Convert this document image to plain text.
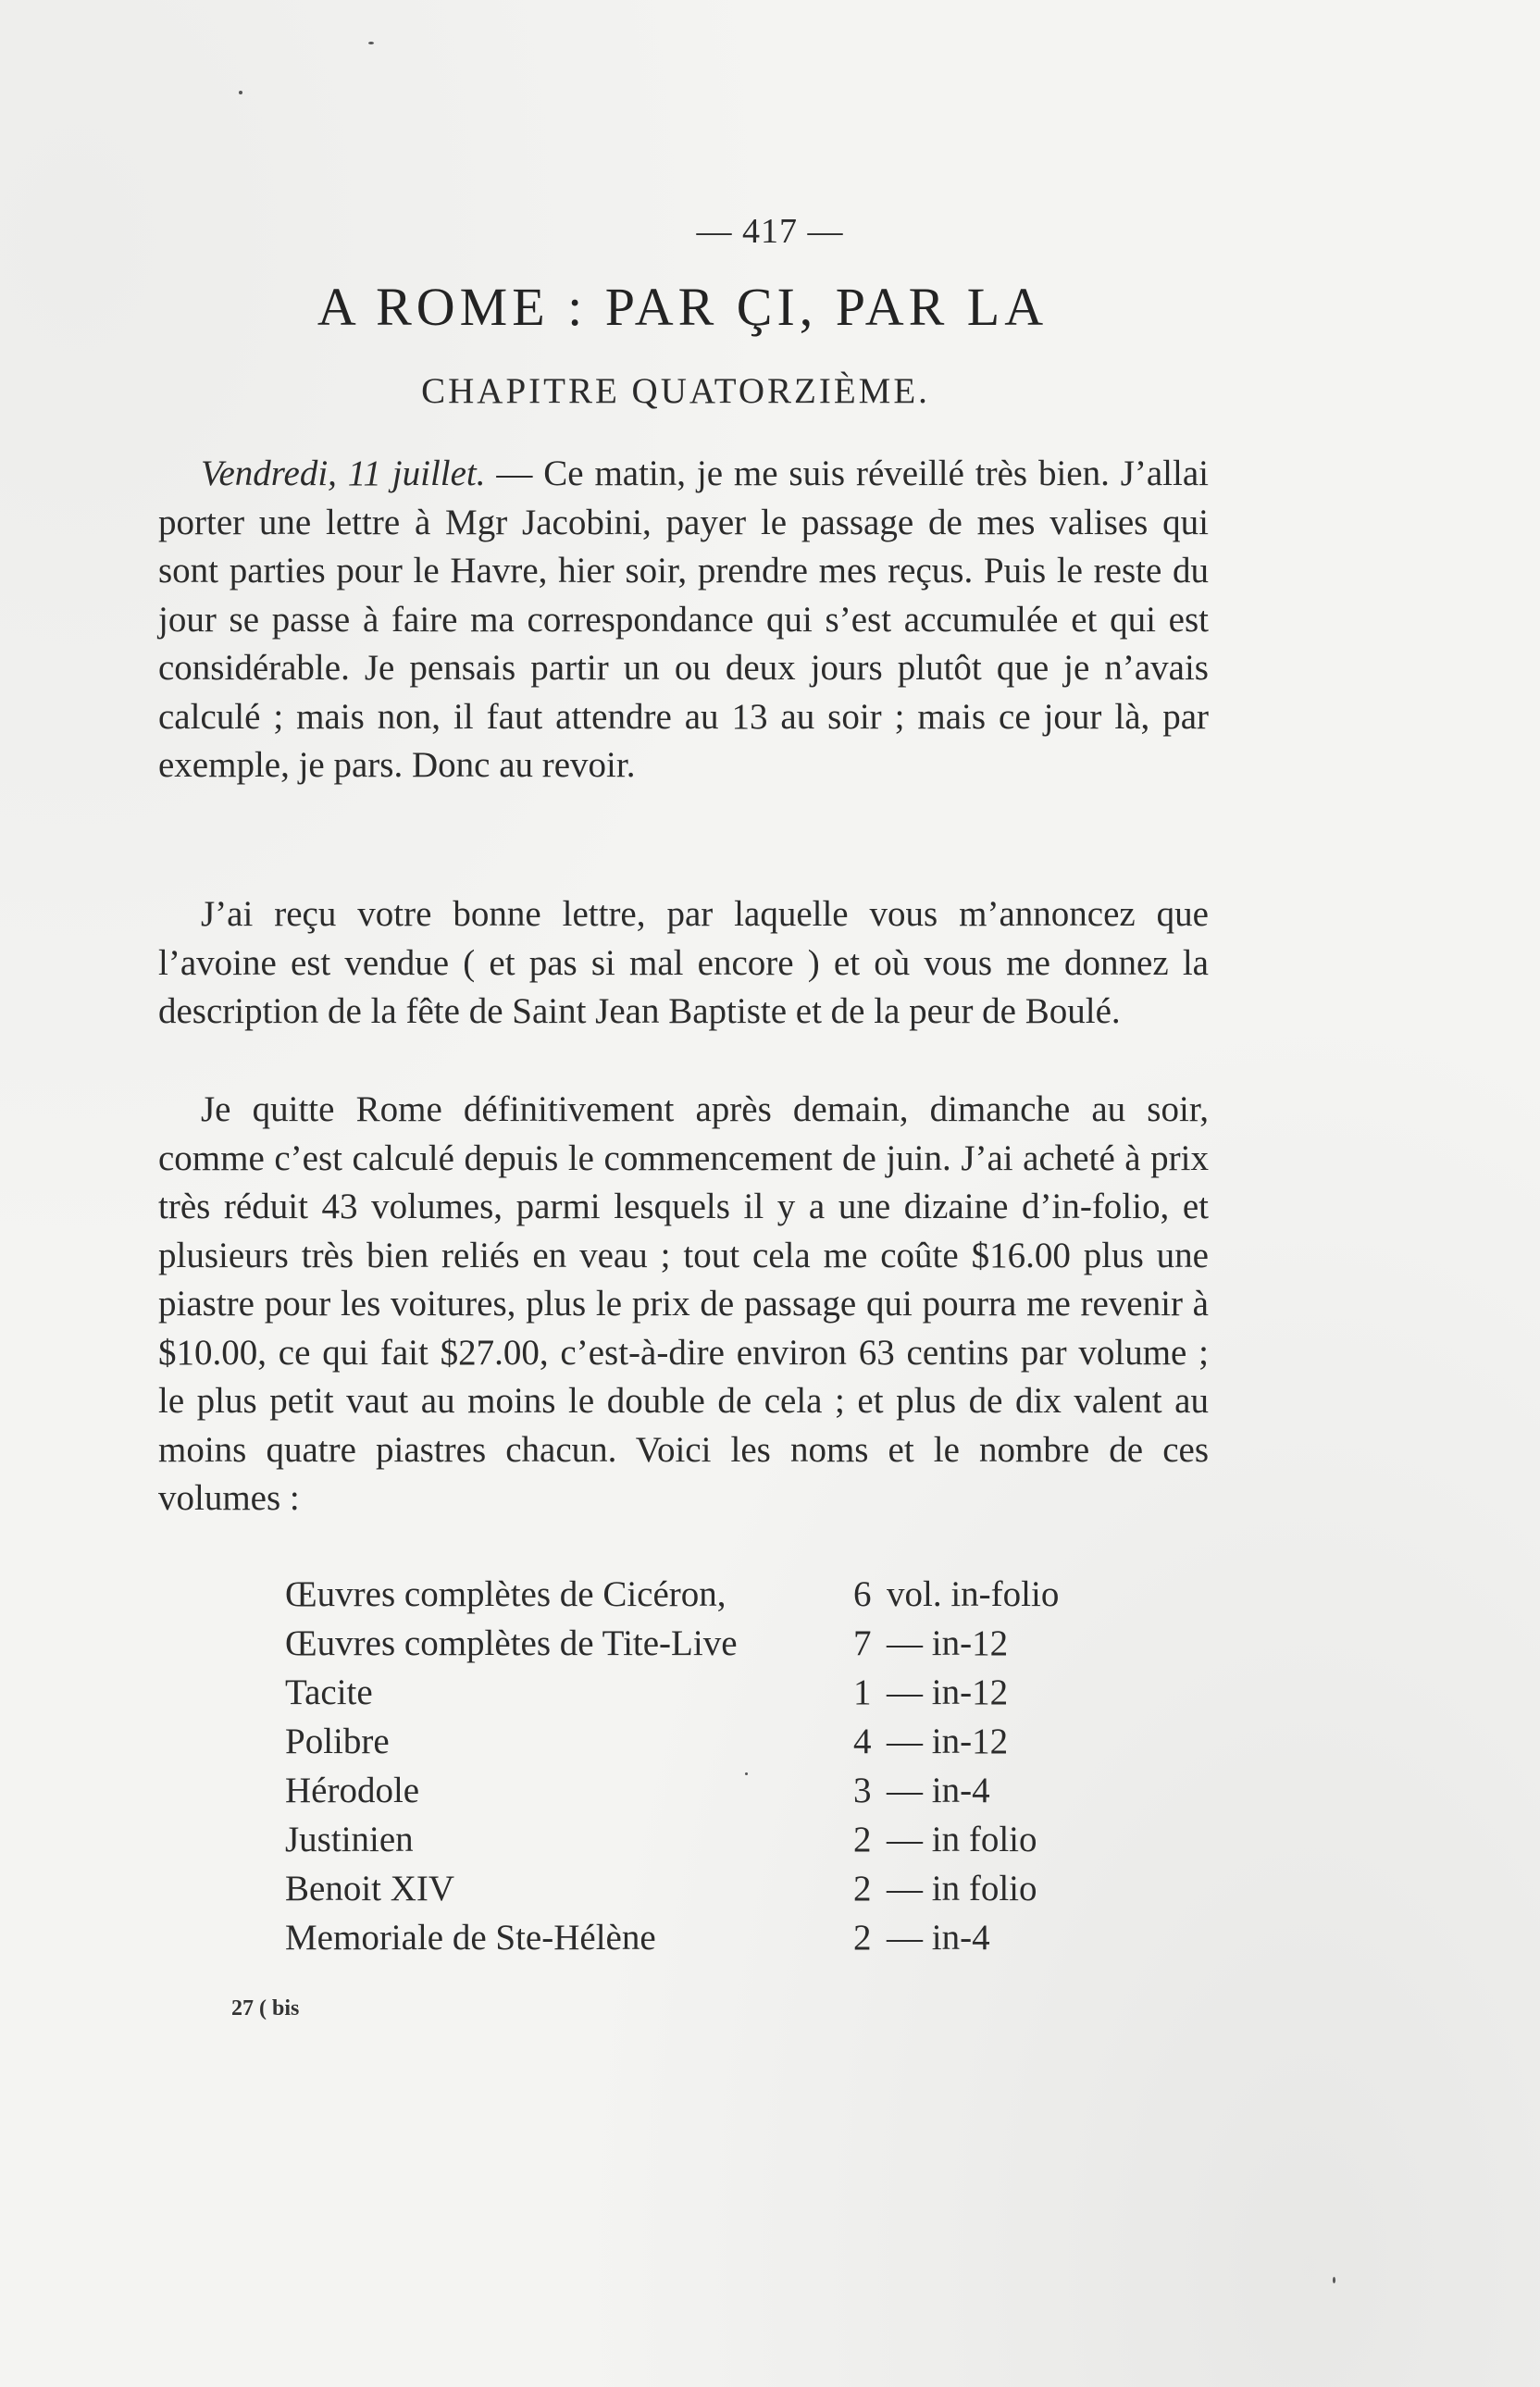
— 417 —
A ROME : PAR ÇI, PAR LA
CHAPITRE QUATORZIÈME.

Vendredi, 11 juillet. — Ce matin, je me suis réveillé très bien. J’allai porter une lettre à Mgr Jacobini, payer le passage de mes valises qui sont parties pour le Havre, hier soir, prendre mes reçus. Puis le reste du jour se passe à faire ma correspondance qui s’est accumulée et qui est considérable. Je pensais partir un ou deux jours plutôt que je n’avais calculé ; mais non, il faut attendre au 13 au soir ; mais ce jour là, par exemple, je pars. Donc au revoir.

J’ai reçu votre bonne lettre, par laquelle vous m’annoncez que l’avoine est vendue ( et pas si mal encore ) et où vous me donnez la description de la fête de Saint Jean Baptiste et de la peur de Boulé.

Je quitte Rome définitivement après demain, dimanche au soir, comme c’est calculé depuis le commencement de juin. J’ai acheté à prix très réduit 43 volumes, parmi lesquels il y a une dizaine d’in-folio, et plusieurs très bien reliés en veau ; tout cela me coûte $16.00 plus une piastre pour les voitures, plus le prix de passage qui pourra me revenir à $10.00, ce qui fait $27.00, c’est-à-dire environ 63 centins par volume ; le plus petit vaut au moins le double de cela ; et plus de dix valent au moins quatre piastres chacun. Voici les noms et le nombre de ces volumes :

Œuvres complètes de Cicéron,	6 vol. in-folio
Œuvres complètes de Tite-Live	7 — in-12
Tacite	1 — in-12
Polibre	4 — in-12
Hérodole	3 — in-4
Justinien	2 — in folio
Benoit XIV	2 — in folio
Memoriale de Ste-Hélène	2 — in-4
27 ( bis
